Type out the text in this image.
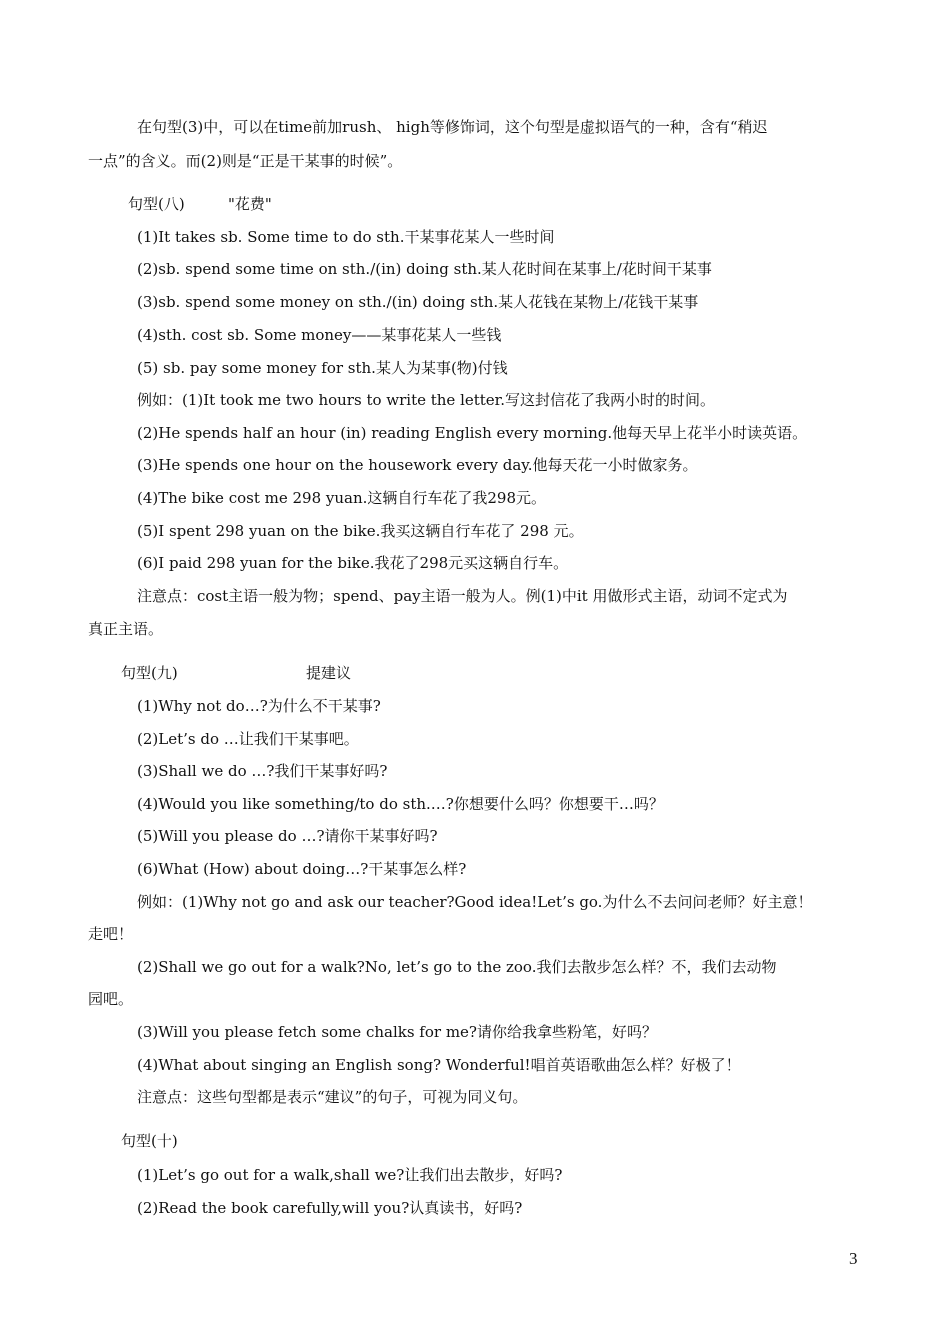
在句型(3)中，可以在time前加rush、 high等修饰词，这个句型是虚拟语气的一种，含有“稍迟
一点”的含义。而(2)则是“正是干某事的时候”。
句型(八)	"花费"
(1)It takes sb. Some time to do sth.干某事花某人一些时间
(2)sb. spend some time on sth./(in) doing sth.某人花时间在某事上/花时间干某事
(3)sb. spend some money on sth./(in) doing sth.某人花钱在某物上/花钱干某事
(4)sth. cost sb. Some money——某事花某人一些钱
(5) sb. pay some money for sth.某人为某事(物)付钱
例如：(1)It took me two hours to write the letter.写这封信花了我两小时的时间。
(2)He spends half an hour (in) reading English every morning.他每天早上花半小时读英语。
(3)He spends one hour on the housework every day.他每天花一小时做家务。
(4)The bike cost me 298 yuan.这辆自行车花了我298元。
(5)I spent 298 yuan on the bike.我买这辆自行车花了 298 元。
(6)I paid 298 yuan for the bike.我花了298元买这辆自行车。
注意点：cost主语一般为物；spend、pay主语一般为人。例(1)中it 用做形式主语，动词不定式为
真正主语。
句型(九)	提建议
(1)Why not do…?为什么不干某事?
(2)Let’s do …让我们干某事吧。
(3)Shall we do …?我们干某事好吗?
(4)Would you like something/to do sth.…?你想要什么吗？你想要干…吗？
(5)Will you please do …?请你干某事好吗?
(6)What (How) about doing…?干某事怎么样?
例如：(1)Why not go and ask our teacher?Good idea!Let’s go.为什么不去问问老师？好主意！
走吧！
(2)Shall we go out for a walk?No, let’s go to the zoo.我们去散步怎么样？不，我们去动物
园吧。
(3)Will you please fetch some chalks for me?请你给我拿些粉笔，好吗？
(4)What about singing an English song? Wonderful!唱首英语歌曲怎么样？好极了！
注意点：这些句型都是表示“建议”的句子，可视为同义句。
句型(十)
(1)Let’s go out for a walk,shall we?让我们出去散步，好吗?
(2)Read the book carefully,will you?认真读书，好吗?
3
